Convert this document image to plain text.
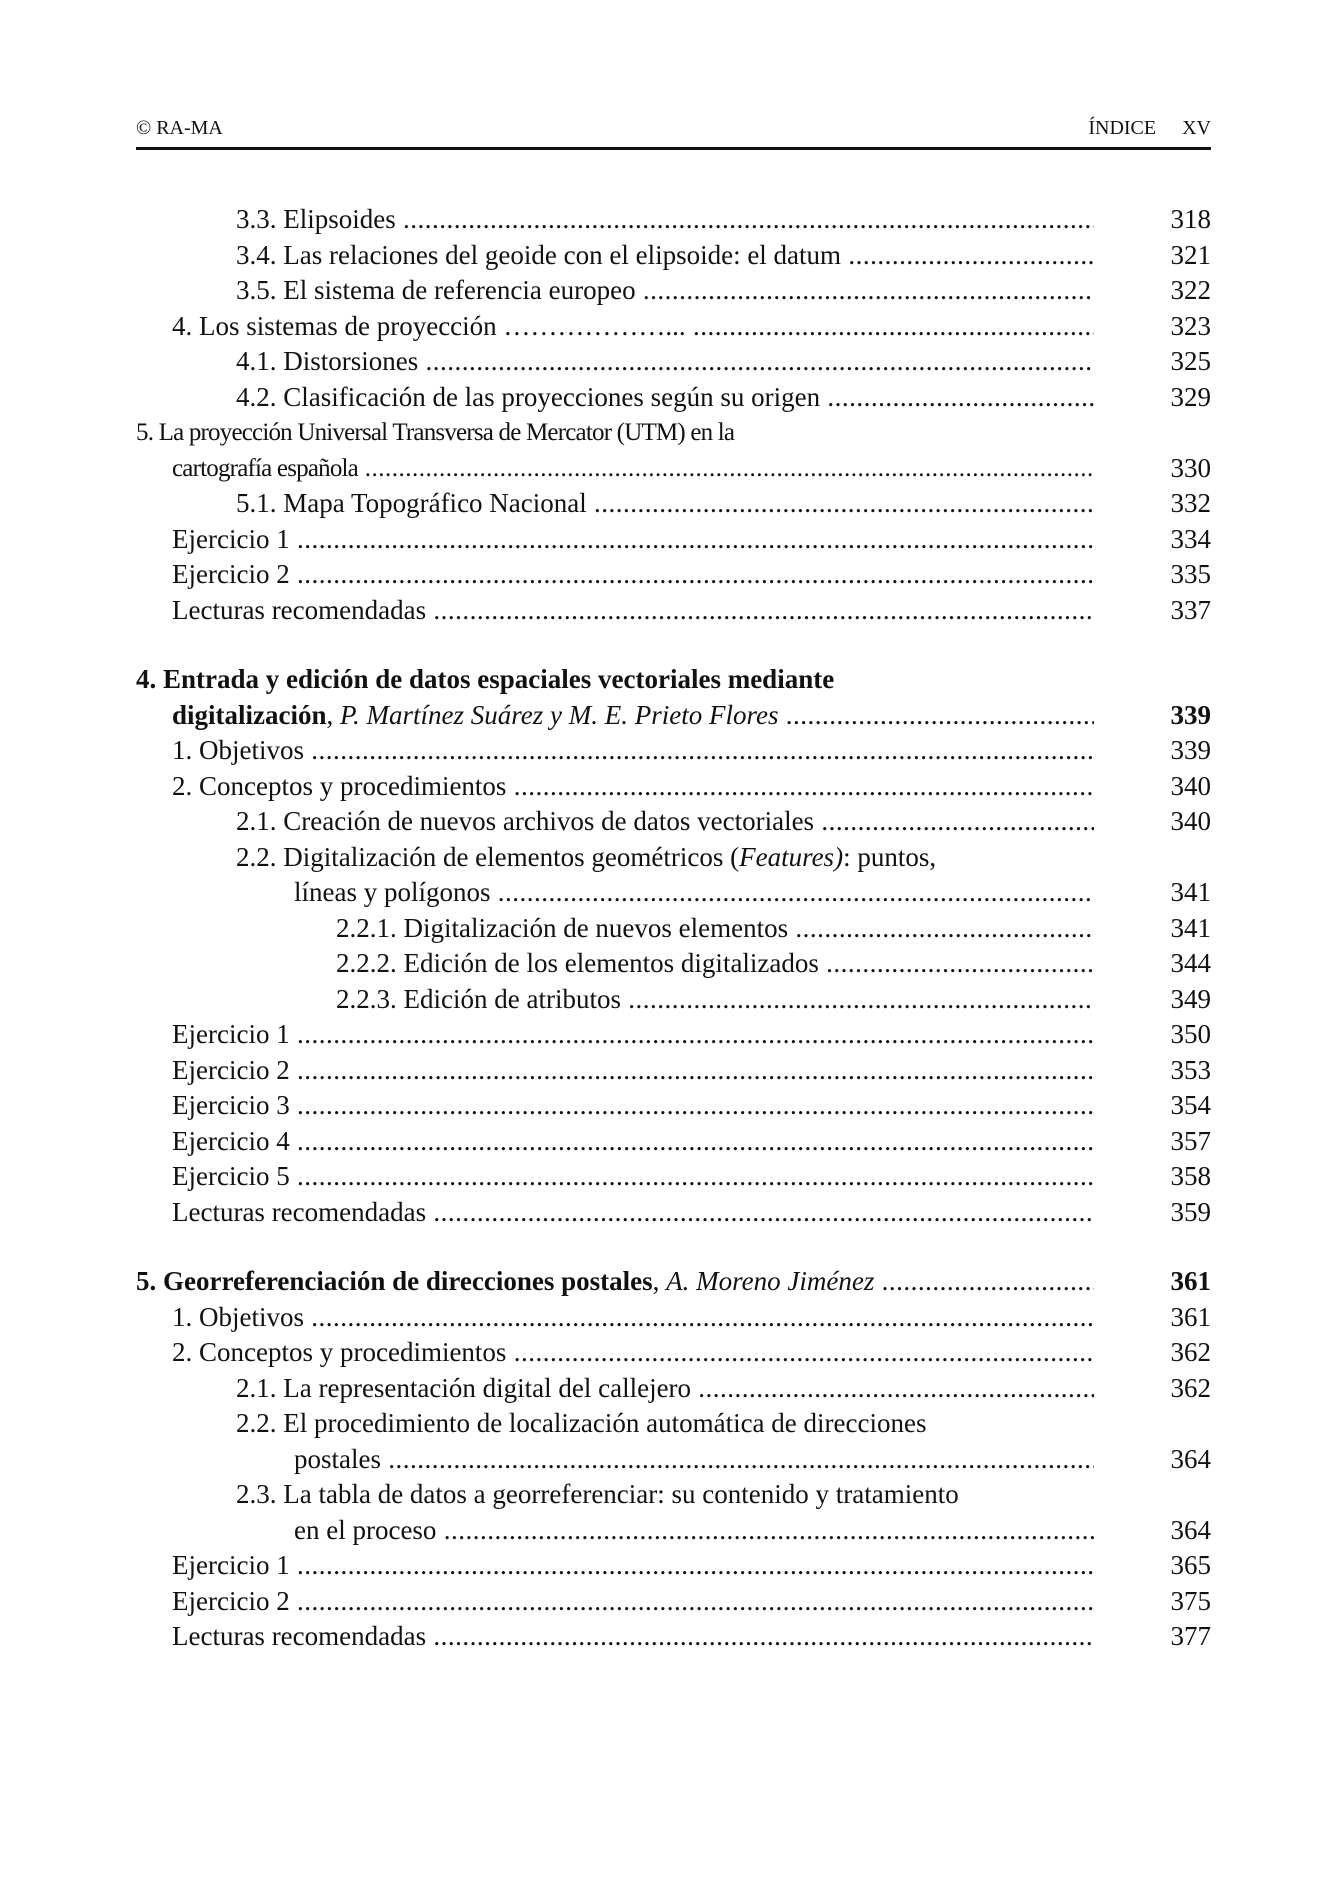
© RA-MA	ÍNDICE XV
3.3. Elipsoides .....	318
3.4. Las relaciones del geoide con el elipsoide: el datum .....	321
3.5. El sistema de referencia europeo .....	322
4. Los sistemas de proyección ………………... .....	323
4.1. Distorsiones .....	325
4.2. Clasificación de las proyecciones según su origen .....	329
5. La proyección Universal Transversa de Mercator (UTM) en la
cartografía española .....	330
5.1. Mapa Topográfico Nacional .....	332
Ejercicio 1 .....	334
Ejercicio 2 .....	335
Lecturas recomendadas .....	337
4. Entrada y edición de datos espaciales vectoriales mediante
digitalización, P. Martínez Suárez y M. E. Prieto Flores .....	339
1. Objetivos .....	339
2. Conceptos y procedimientos .....	340
2.1. Creación de nuevos archivos de datos vectoriales .....	340
2.2. Digitalización de elementos geométricos (Features): puntos,
líneas y polígonos .....	341
2.2.1. Digitalización de nuevos elementos .....	341
2.2.2. Edición de los elementos digitalizados .....	344
2.2.3. Edición de atributos .....	349
Ejercicio 1 .....	350
Ejercicio 2 .....	353
Ejercicio 3 .....	354
Ejercicio 4 .....	357
Ejercicio 5 .....	358
Lecturas recomendadas .....	359
5. Georreferenciación de direcciones postales, A. Moreno Jiménez .....	361
1. Objetivos .....	361
2. Conceptos y procedimientos .....	362
2.1. La representación digital del callejero .....	362
2.2. El procedimiento de localización automática de direcciones
postales .....	364
2.3. La tabla de datos a georreferenciar: su contenido y tratamiento
en el proceso .....	364
Ejercicio 1 .....	365
Ejercicio 2 .....	375
Lecturas recomendadas .....	377
